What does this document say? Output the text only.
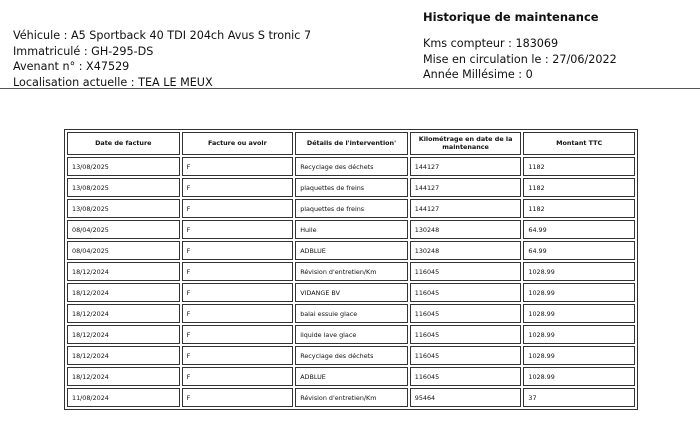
Véhicule : A5 Sportback 40 TDI 204ch Avus S tronic 7
Immatriculé : GH-295-DS
Avenant n° : X47529
Localisation actuelle : TEA LE MEUX
Historique de maintenance
Kms compteur : 183069
Mise en circulation le : 27/06/2022
Année Millésime : 0
Date de facture	Facture ou avoir	Détails de l'intervention'	Kilométrage en date de la maintenance	Montant TTC
13/08/2025	F	Recyclage des déchets	144127	1182
13/08/2025	F	plaquettes de freins	144127	1182
13/08/2025	F	plaquettes de freins	144127	1182
08/04/2025	F	Huile	130248	64.99
08/04/2025	F	ADBLUE	130248	64.99
18/12/2024	F	Révision d'entretien/Km	116045	1028.99
18/12/2024	F	VIDANGE BV	116045	1028.99
18/12/2024	F	balai essuie glace	116045	1028.99
18/12/2024	F	liquide lave glace	116045	1028.99
18/12/2024	F	Recyclage des déchets	116045	1028.99
18/12/2024	F	ADBLUE	116045	1028.99
11/08/2024	F	Révision d'entretien/Km	95464	37
